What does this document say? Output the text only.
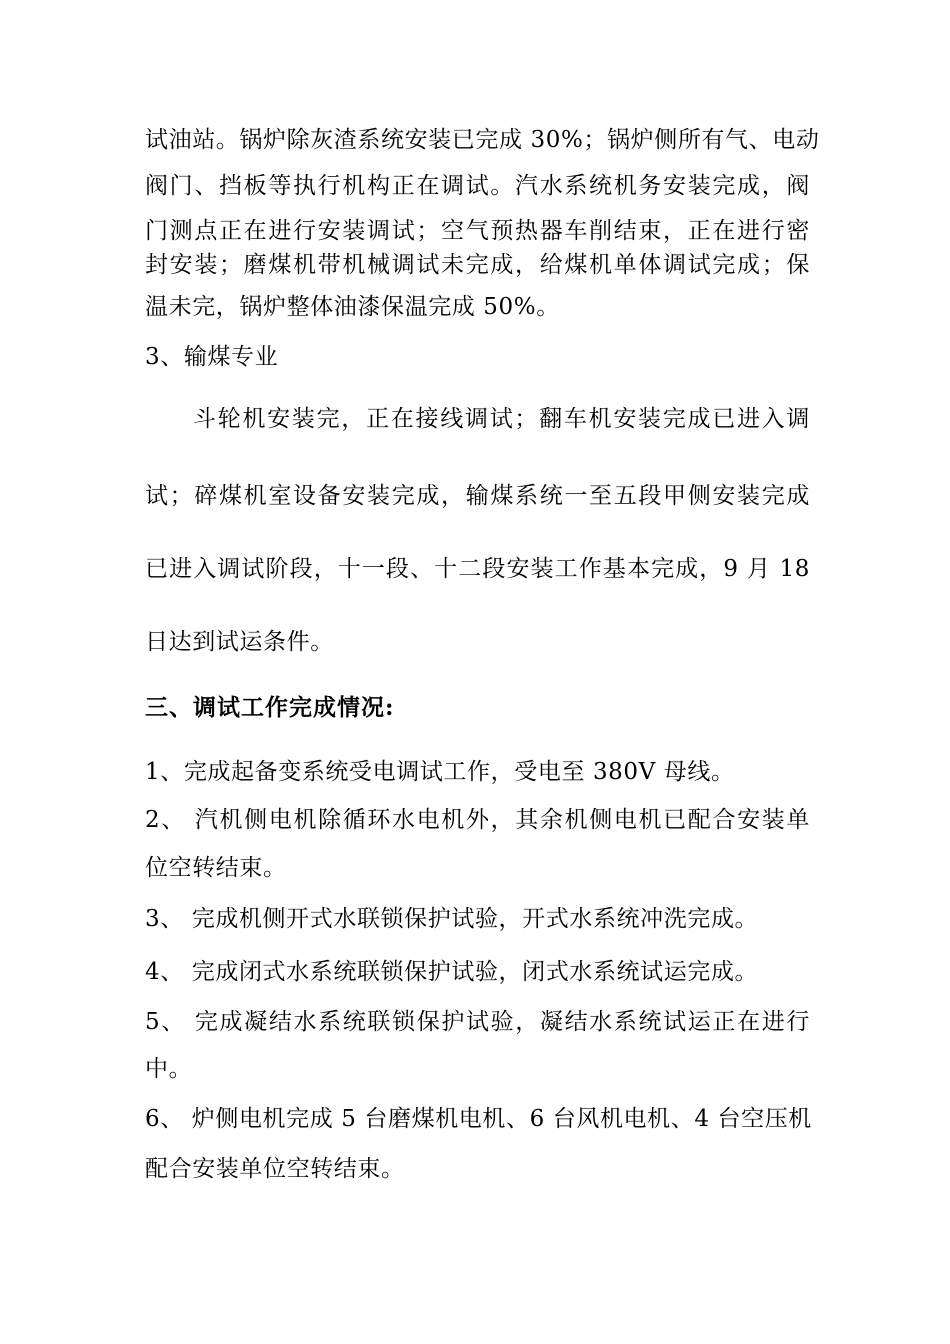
试油站。锅炉除灰渣系统安装已完成 30%；锅炉侧所有气、电动
阀门、挡板等执行机构正在调试。汽水系统机务安装完成，阀
门测点正在进行安装调试；空气预热器车削结束，正在进行密
封安装；磨煤机带机械调试未完成，给煤机单体调试完成；保
温未完，锅炉整体油漆保温完成 50%。
3、输煤专业
斗轮机安装完，正在接线调试；翻车机安装完成已进入调
试；碎煤机室设备安装完成，输煤系统一至五段甲侧安装完成
已进入调试阶段，十一段、十二段安装工作基本完成，9 月 18
日达到试运条件。
三、调试工作完成情况:
1、完成起备变系统受电调试工作，受电至 380V 母线。
2、 汽机侧电机除循环水电机外，其余机侧电机已配合安装单
位空转结束。
3、 完成机侧开式水联锁保护试验，开式水系统冲洗完成。
4、 完成闭式水系统联锁保护试验，闭式水系统试运完成。
5、 完成凝结水系统联锁保护试验，凝结水系统试运正在进行
中。
6、 炉侧电机完成 5 台磨煤机电机、6 台风机电机、4 台空压机
配合安装单位空转结束。
